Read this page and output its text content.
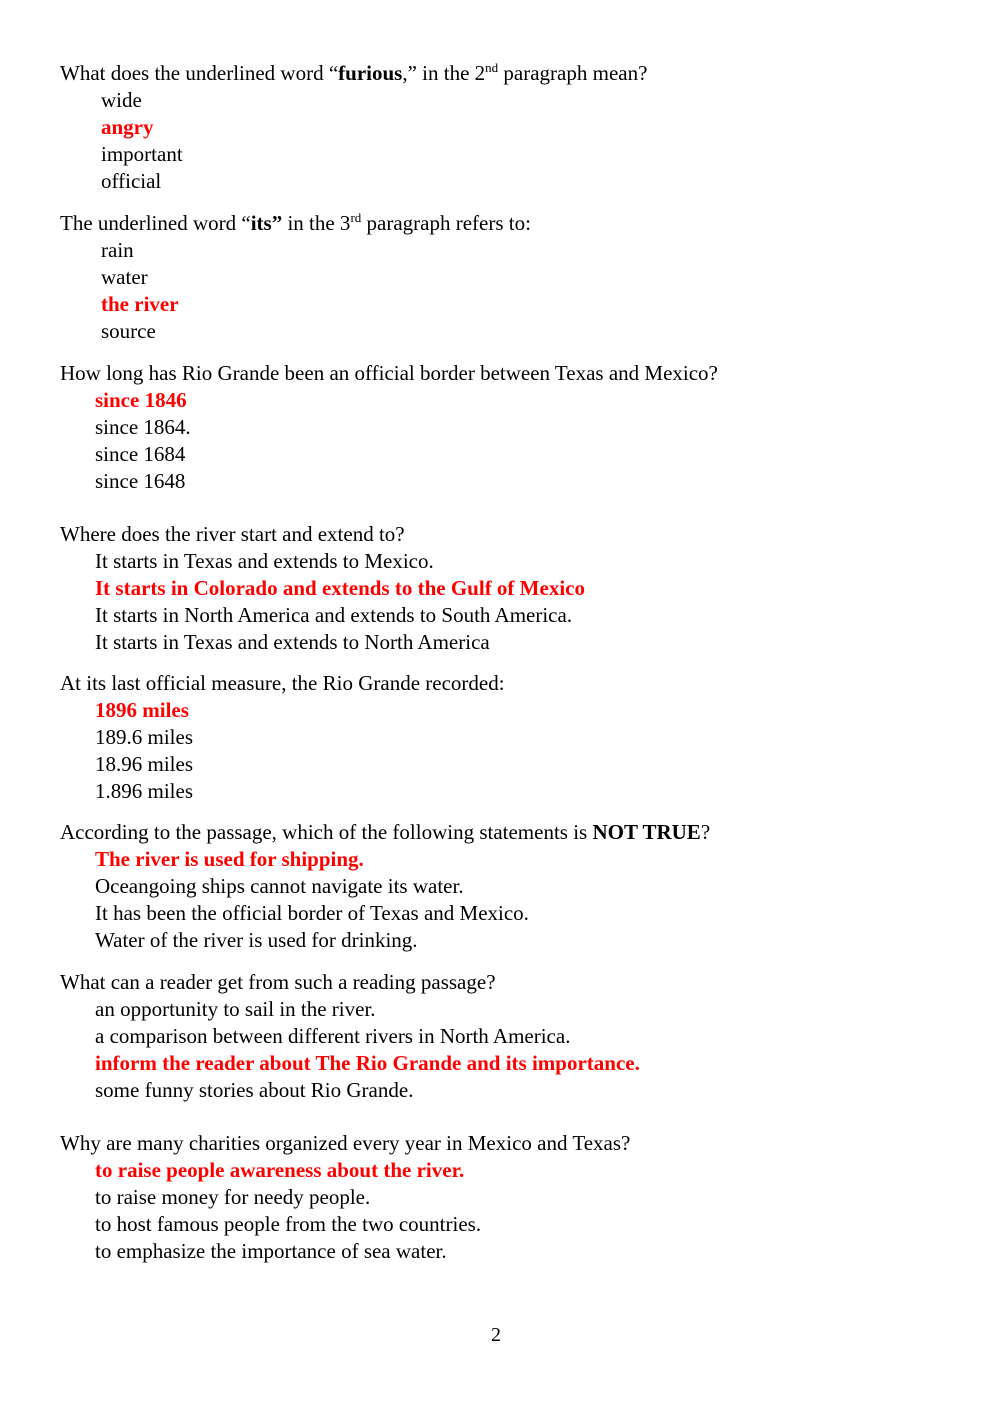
What does the underlined word “furious,” in the 2nd paragraph mean?
wide
angry
important
official
The underlined word “its” in the 3rd paragraph refers to:
rain
water
the river
source
How long has Rio Grande been an official border between Texas and Mexico?
since 1846
since 1864.
since 1684
since 1648
Where does the river start and extend to?
It starts in Texas and extends to Mexico.
It starts in Colorado and extends to the Gulf of Mexico
It starts in North America and extends to South America.
It starts in Texas and extends to North America
At its last official measure, the Rio Grande recorded:
1896 miles
189.6 miles
18.96 miles
1.896 miles
According to the passage, which of the following statements is NOT TRUE?
The river is used for shipping.
Oceangoing ships cannot navigate its water.
It has been the official border of Texas and Mexico.
Water of the river is used for drinking.
What can a reader get from such a reading passage?
an opportunity to sail in the river.
a comparison between different rivers in North America.
inform the reader about The Rio Grande and its importance.
some funny stories about Rio Grande.
Why are many charities organized every year in Mexico and Texas?
to raise people awareness about the river.
to raise money for needy people.
to host famous people from the two countries.
to emphasize the importance of sea water.
2
